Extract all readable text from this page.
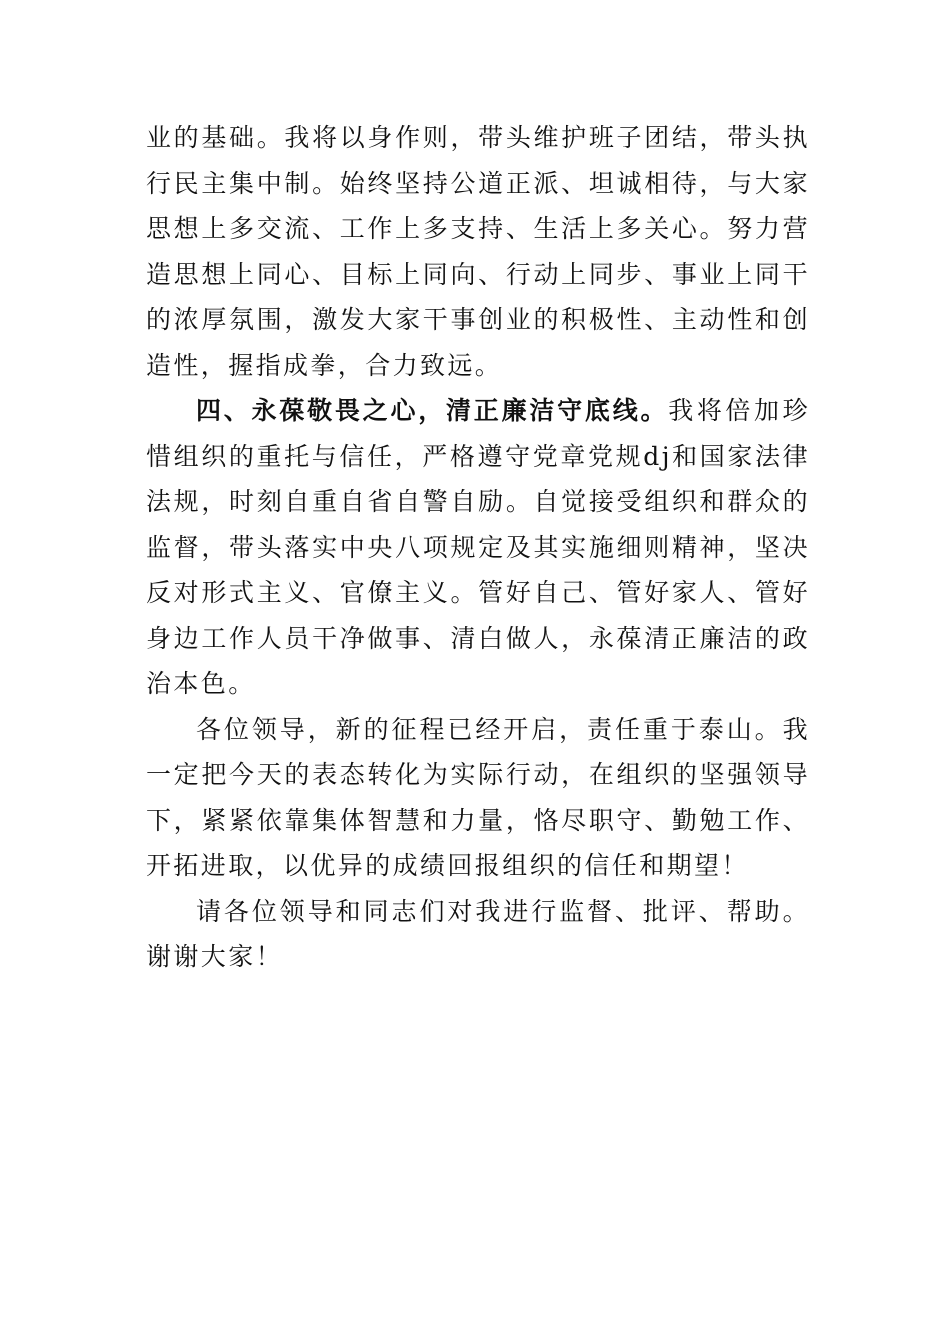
业的基础。我将以身作则，带头维护班子团结，带头执行民主集中制。始终坚持公道正派、坦诚相待，与大家思想上多交流、工作上多支持、生活上多关心。努力营造思想上同心、目标上同向、行动上同步、事业上同干的浓厚氛围，激发大家干事创业的积极性、主动性和创造性，握指成拳，合力致远。

四、永葆敬畏之心，清正廉洁守底线。我将倍加珍惜组织的重托与信任，严格遵守党章党规dj和国家法律法规，时刻自重自省自警自励。自觉接受组织和群众的监督，带头落实中央八项规定及其实施细则精神，坚决反对形式主义、官僚主义。管好自己、管好家人、管好身边工作人员干净做事、清白做人，永葆清正廉洁的政治本色。

各位领导，新的征程已经开启，责任重于泰山。我一定把今天的表态转化为实际行动，在组织的坚强领导下，紧紧依靠集体智慧和力量，恪尽职守、勤勉工作、开拓进取，以优异的成绩回报组织的信任和期望！

请各位领导和同志们对我进行监督、批评、帮助。谢谢大家！
